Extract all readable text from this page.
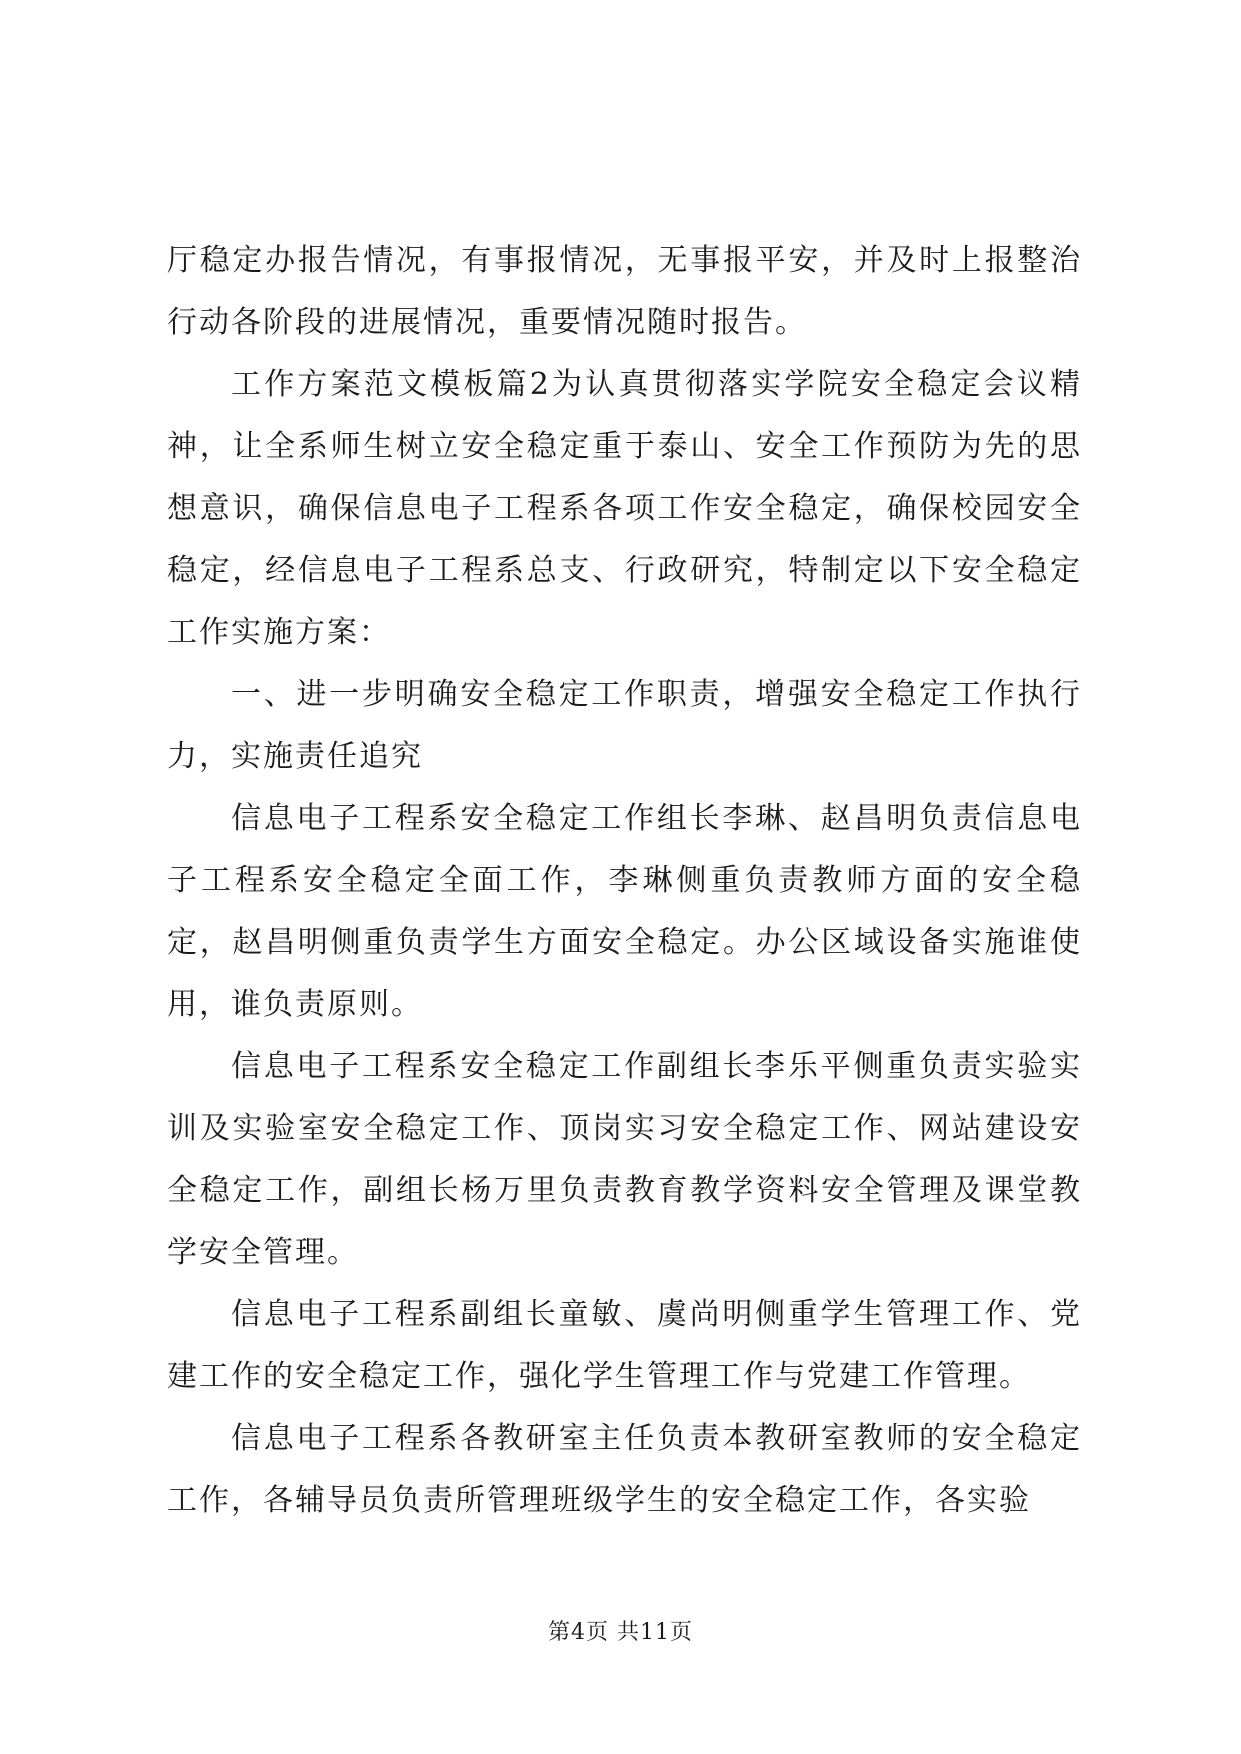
厅稳定办报告情况，有事报情况，无事报平安，并及时上报整治行动各阶段的进展情况，重要情况随时报告。

工作方案范文模板篇2为认真贯彻落实学院安全稳定会议精神，让全系师生树立安全稳定重于泰山、安全工作预防为先的思想意识，确保信息电子工程系各项工作安全稳定，确保校园安全稳定，经信息电子工程系总支、行政研究，特制定以下安全稳定工作实施方案：

一、进一步明确安全稳定工作职责，增强安全稳定工作执行力，实施责任追究

信息电子工程系安全稳定工作组长李琳、赵昌明负责信息电子工程系安全稳定全面工作，李琳侧重负责教师方面的安全稳定，赵昌明侧重负责学生方面安全稳定。办公区域设备实施谁使用，谁负责原则。

信息电子工程系安全稳定工作副组长李乐平侧重负责实验实训及实验室安全稳定工作、顶岗实习安全稳定工作、网站建设安全稳定工作，副组长杨万里负责教育教学资料安全管理及课堂教学安全管理。

信息电子工程系副组长童敏、虞尚明侧重学生管理工作、党建工作的安全稳定工作，强化学生管理工作与党建工作管理。

信息电子工程系各教研室主任负责本教研室教师的安全稳定工作，各辅导员负责所管理班级学生的安全稳定工作，各实验

第4页 共11页
